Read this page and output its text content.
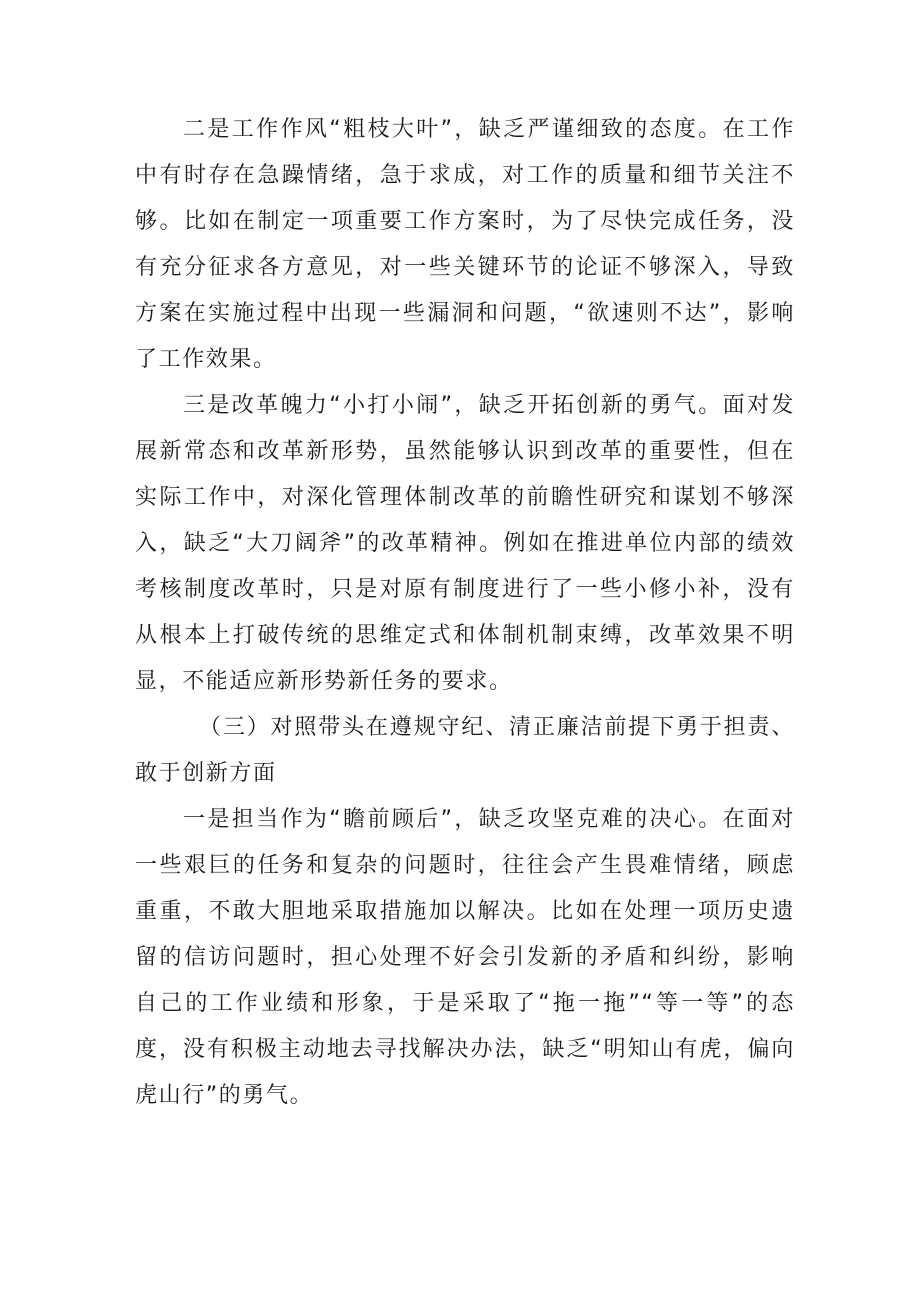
二是工作作风“粗枝大叶”，缺乏严谨细致的态度。在工作中有时存在急躁情绪，急于求成，对工作的质量和细节关注不够。比如在制定一项重要工作方案时，为了尽快完成任务，没有充分征求各方意见，对一些关键环节的论证不够深入，导致方案在实施过程中出现一些漏洞和问题，“欲速则不达”，影响了工作效果。

三是改革魄力“小打小闹”，缺乏开拓创新的勇气。面对发展新常态和改革新形势，虽然能够认识到改革的重要性，但在实际工作中，对深化管理体制改革的前瞻性研究和谋划不够深入，缺乏“大刀阔斧”的改革精神。例如在推进单位内部的绩效考核制度改革时，只是对原有制度进行了一些小修小补，没有从根本上打破传统的思维定式和体制机制束缚，改革效果不明显，不能适应新形势新任务的要求。

（三）对照带头在遵规守纪、清正廉洁前提下勇于担责、敢于创新方面

一是担当作为“瞻前顾后”，缺乏攻坚克难的决心。在面对一些艰巨的任务和复杂的问题时，往往会产生畏难情绪，顾虑重重，不敢大胆地采取措施加以解决。比如在处理一项历史遗留的信访问题时，担心处理不好会引发新的矛盾和纠纷，影响自己的工作业绩和形象，于是采取了“拖一拖”“等一等”的态度，没有积极主动地去寻找解决办法，缺乏“明知山有虎，偏向虎山行”的勇气。
